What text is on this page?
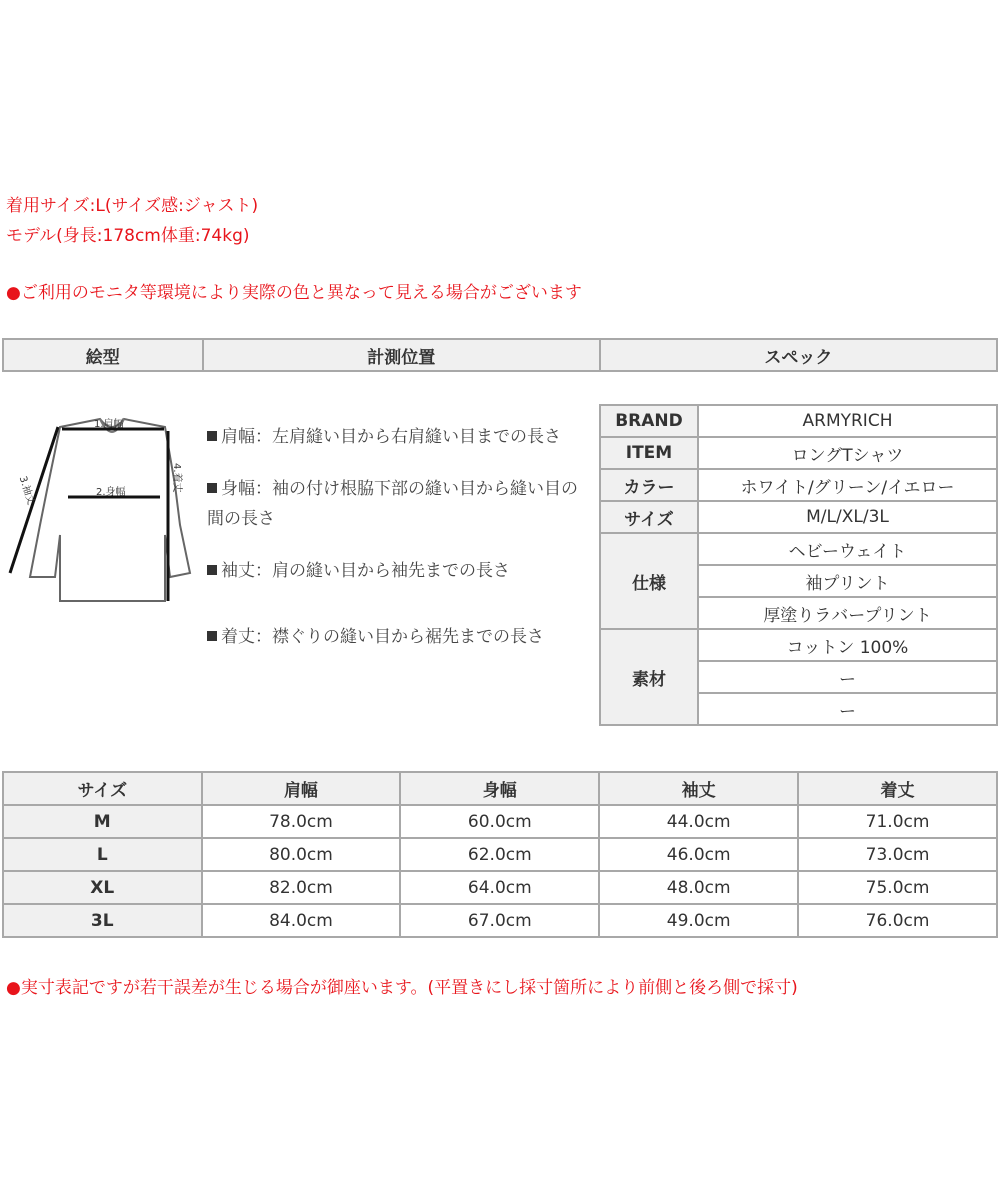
着用サイズ:L(サイズ感:ジャスト)
モデル(身長:178cm体重:74kg)
●ご利用のモニタ等環境により実際の色と異なって見える場合がございます
絵型	計測位置	スペック
1.肩幅
2.身幅
3.袖丈	4.着丈
肩幅：左肩縫い目から右肩縫い目までの長さ
身幅：袖の付け根脇下部の縫い目から縫い目の間の長さ
袖丈：肩の縫い目から袖先までの長さ
着丈：襟ぐりの縫い目から裾先までの長さ
BRAND	ARMYRICH
ITEM	ロングTシャツ
カラー	ホワイト/グリーン/イエロー
サイズ	M/L/XL/3L
仕様	ヘビーウェイト
	袖プリント
	厚塗りラバープリント
素材	コットン 100%
	ー
	ー
サイズ	肩幅	身幅	袖丈	着丈
M	78.0cm	60.0cm	44.0cm	71.0cm
L	80.0cm	62.0cm	46.0cm	73.0cm
XL	82.0cm	64.0cm	48.0cm	75.0cm
3L	84.0cm	67.0cm	49.0cm	76.0cm
●実寸表記ですが若干誤差が生じる場合が御座います。(平置きにし採寸箇所により前側と後ろ側で採寸)
